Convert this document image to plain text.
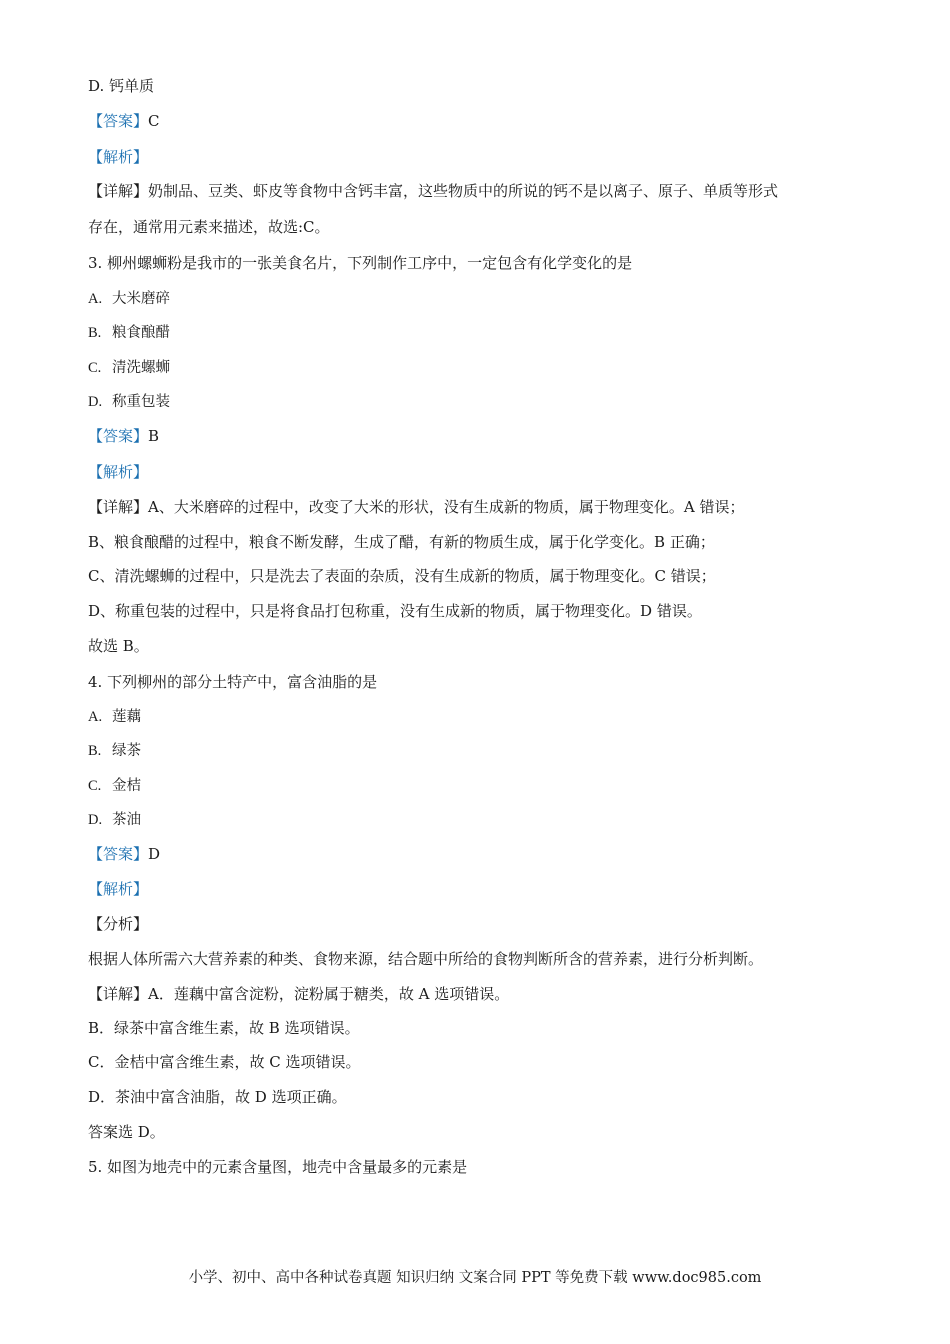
D. 钙单质
【答案】C
【解析】
【详解】奶制品、豆类、虾皮等食物中含钙丰富，这些物质中的所说的钙不是以离子、原子、单质等形式
存在，通常用元素来描述，故选:C。
3. 柳州螺蛳粉是我市的一张美食名片，下列制作工序中，一定包含有化学变化的是
A. 大米磨碎
B. 粮食酿醋
C. 清洗螺蛳
D. 称重包装
【答案】B
【解析】
【详解】A、大米磨碎的过程中，改变了大米的形状，没有生成新的物质，属于物理变化。A 错误；
B、粮食酿醋的过程中，粮食不断发酵，生成了醋，有新的物质生成，属于化学变化。B 正确；
C、清洗螺蛳的过程中，只是洗去了表面的杂质，没有生成新的物质，属于物理变化。C 错误；
D、称重包装的过程中，只是将食品打包称重，没有生成新的物质，属于物理变化。D 错误。
故选 B。
4. 下列柳州的部分土特产中，富含油脂的是
A. 莲藕
B. 绿茶
C. 金桔
D. 茶油
【答案】D
【解析】
【分析】
根据人体所需六大营养素的种类、食物来源，结合题中所给的食物判断所含的营养素，进行分析判断。
【详解】A．莲藕中富含淀粉，淀粉属于糖类，故 A 选项错误。
B．绿茶中富含维生素，故 B 选项错误。
C．金桔中富含维生素，故 C 选项错误。
D．茶油中富含油脂，故 D 选项正确。
答案选 D。
5. 如图为地壳中的元素含量图，地壳中含量最多的元素是
小学、初中、高中各种试卷真题 知识归纳 文案合同 PPT 等免费下载 www.doc985.com
